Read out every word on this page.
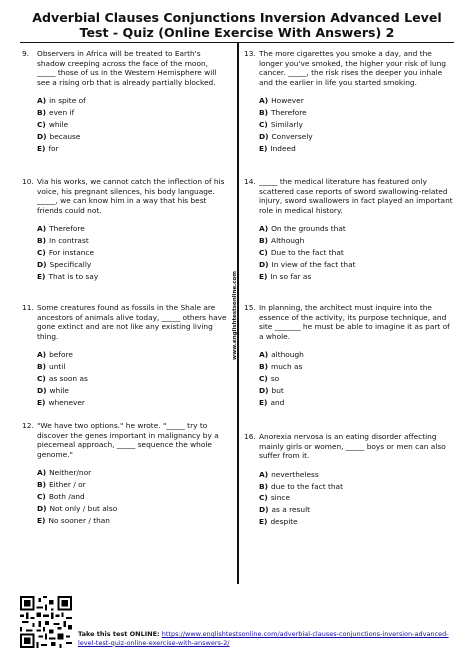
Adverbial Clauses Conjunctions Inversion Advanced Level Test - Quiz (Online Exercise With Answers) 2
www.englishtestsonline.com
9. Observers in Africa will be treated to Earth's shadow creeping across the face of the moon, _____ those of us in the Western Hemisphere will see a rising orb that is already partially blocked.
A) in spite of
B) even if
C) while
D) because
E) for
10. Via his works, we cannot catch the inflection of his voice, his pregnant silences, his body language. _____, we can know him in a way that his best friends could not.
A) Therefore
B) In contrast
C) For instance
D) Specifically
E) That is to say
11. Some creatures found as fossils in the Shale are ancestors of animals alive today, _____ others have gone extinct and are not like any existing living thing.
A) before
B) until
C) as soon as
D) while
E) whenever
12. "We have two options." he wrote. "_____ try to discover the genes important in malignancy by a piecemeal approach, _____ sequence the whole genome."
A) Neither/nor
B) Either / or
C) Both /and
D) Not only / but also
E) No sooner / than
13. The more cigarettes you smoke a day, and the longer you've smoked, the higher your risk of lung cancer. _____, the risk rises the deeper you inhale and the earlier in life you started smoking.
A) However
B) Therefore
C) Similarly
D) Conversely
E) Indeed
14. _____ the medical literature has featured only scattered case reports of sword swallowing-related injury, sword swallowers in fact played an important role in medical history.
A) On the grounds that
B) Although
C) Due to the fact that
D) In view of the fact that
E) In so far as
15. In planning, the architect must inquire into the essence of the activity, its purpose technique, and site _______ he must be able to imagine it as part of a whole.
A) although
B) much as
C) so
D) but
E) and
16. Anorexia nervosa is an eating disorder affecting mainly girls or women, _____ boys or men can also suffer from it.
A) nevertheless
B) due to the fact that
C) since
D) as a result
E) despite
Take this test ONLINE: https://www.englishtestsonline.com/adverbial-clauses-conjunctions-inversion-advanced-level-test-quiz-online-exercise-with-answers-2/
